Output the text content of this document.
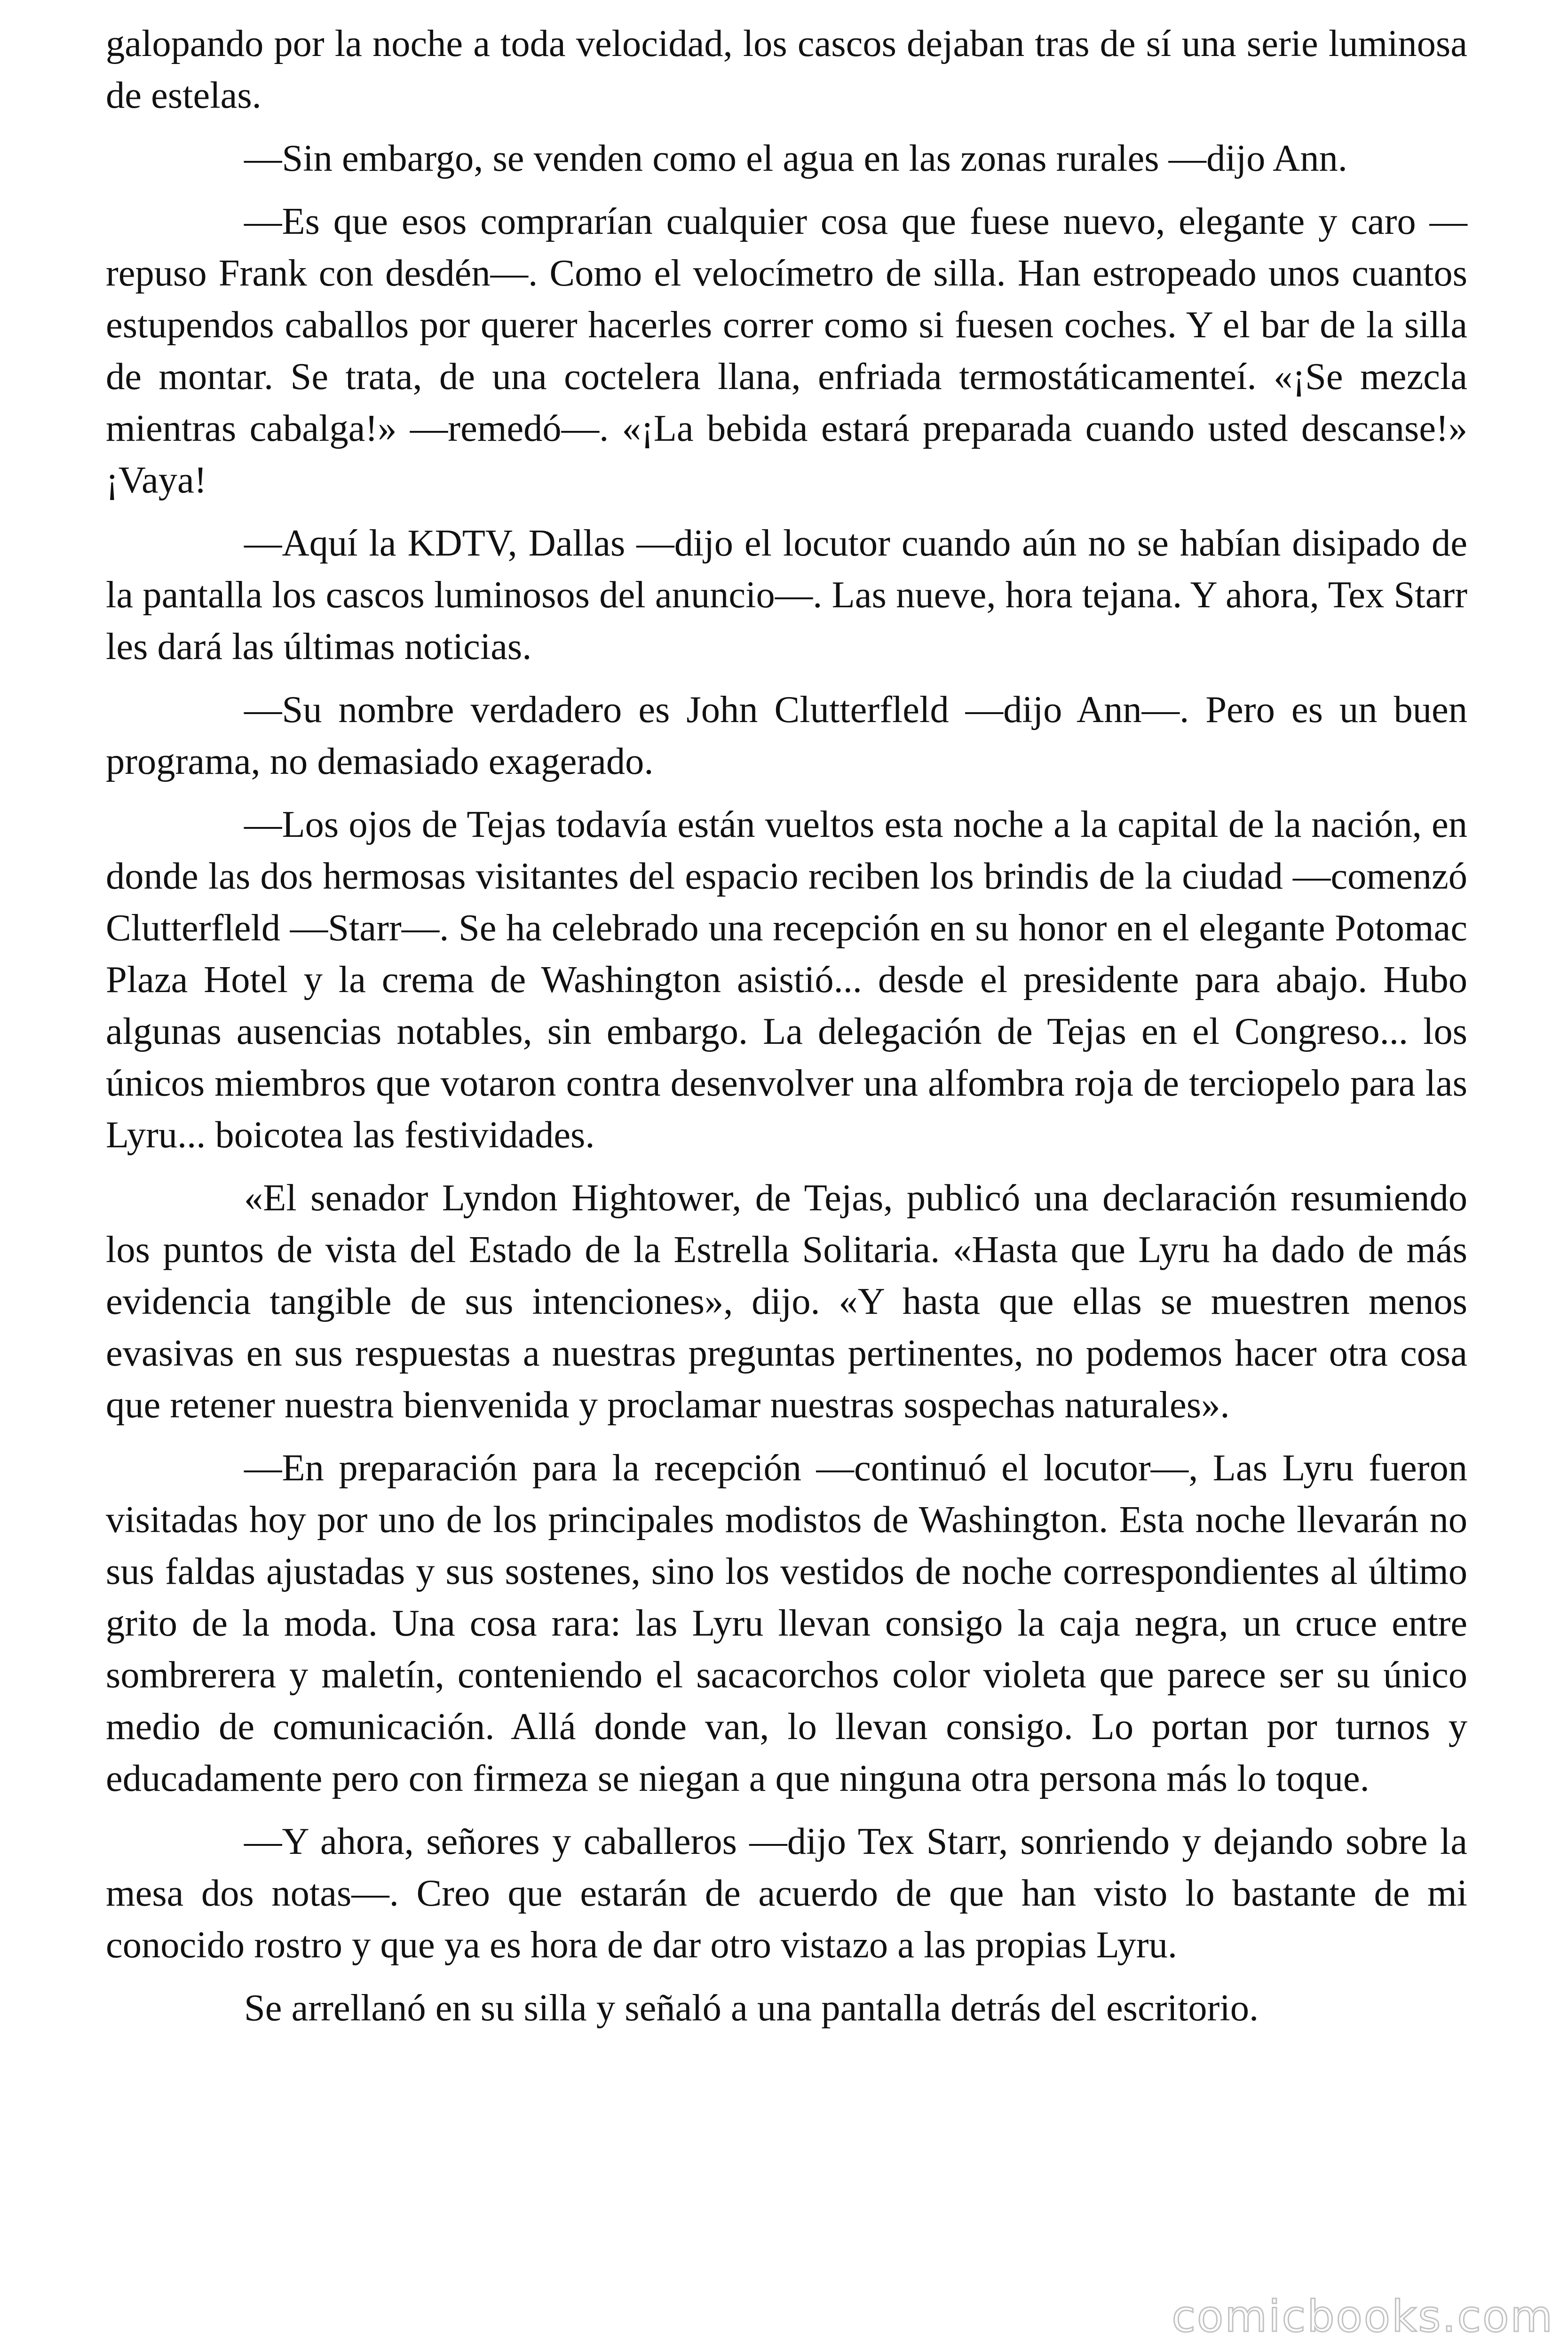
galopando por la noche a toda velocidad, los cascos dejaban tras de sí una serie luminosa de estelas.

—Sin embargo, se venden como el agua en las zonas rurales —dijo Ann.

—Es que esos comprarían cualquier cosa que fuese nuevo, elegante y caro —repuso Frank con desdén—. Como el velocímetro de silla. Han estropeado unos cuantos estupendos caballos por querer hacerles correr como si fuesen coches. Y el bar de la silla de montar. Se trata, de una coctelera llana, enfriada termostáticamenteí. «¡Se mezcla mientras cabalga!» —remedó—. «¡La bebida estará preparada cuando usted descanse!» ¡Vaya!

—Aquí la KDTV, Dallas —dijo el locutor cuando aún no se habían disipado de la pantalla los cascos luminosos del anuncio—. Las nueve, hora tejana. Y ahora, Tex Starr les dará las últimas noticias.

—Su nombre verdadero es John Clutterfleld —dijo Ann—. Pero es un buen programa, no demasiado exagerado.

—Los ojos de Tejas todavía están vueltos esta noche a la capital de la nación, en donde las dos hermosas visitantes del espacio reciben los brindis de la ciudad —comenzó Clutterfleld —Starr—. Se ha celebrado una recepción en su honor en el elegante Potomac Plaza Hotel y la crema de Washington asistió... desde el presidente para abajo. Hubo algunas ausencias notables, sin embargo. La delegación de Tejas en el Congreso... los únicos miembros que votaron contra desenvolver una alfombra roja de terciopelo para las Lyru... boicotea las festividades.

«El senador Lyndon Hightower, de Tejas, publicó una declaración resumiendo los puntos de vista del Estado de la Estrella Solitaria. «Hasta que Lyru ha dado de más evidencia tangible de sus intenciones», dijo. «Y hasta que ellas se muestren menos evasivas en sus respuestas a nuestras preguntas pertinentes, no podemos hacer otra cosa que retener nuestra bienvenida y proclamar nuestras sospechas naturales».

—En preparación para la recepción —continuó el locutor—, Las Lyru fueron visitadas hoy por uno de los principales modistos de Washington. Esta noche llevarán no sus faldas ajustadas y sus sostenes, sino los vestidos de noche correspondientes al último grito de la moda. Una cosa rara: las Lyru llevan consigo la caja negra, un cruce entre sombrerera y maletín, conteniendo el sacacorchos color violeta que parece ser su único medio de comunicación. Allá donde van, lo llevan consigo. Lo portan por turnos y educadamente pero con firmeza se niegan a que ninguna otra persona más lo toque.

—Y ahora, señores y caballeros —dijo Tex Starr, sonriendo y dejando sobre la mesa dos notas—. Creo que estarán de acuerdo de que han visto lo bastante de mi conocido rostro y que ya es hora de dar otro vistazo a las propias Lyru.

Se arrellanó en su silla y señaló a una pantalla detrás del escritorio.

comicbooks.com
